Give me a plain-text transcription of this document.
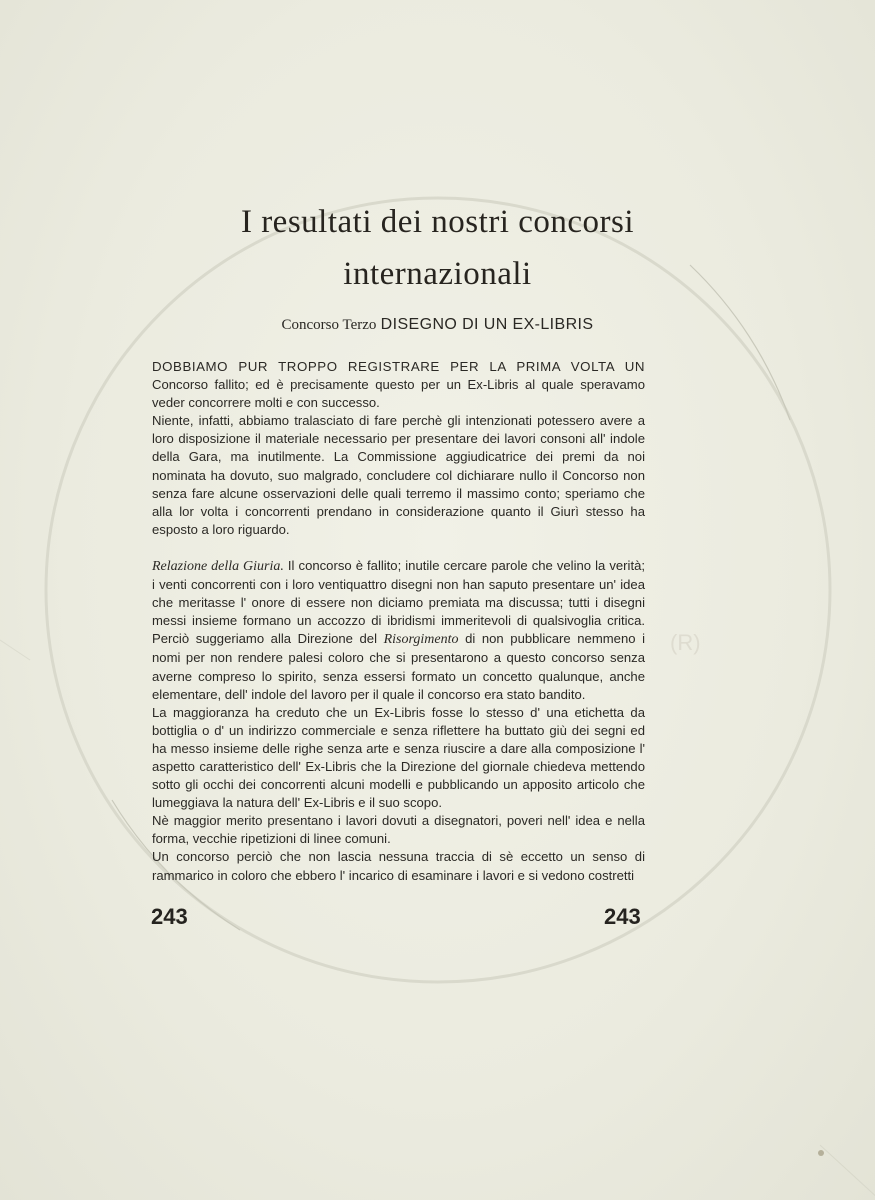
(R)
I resultati dei nostri concorsi
internazionali
Concorso Terzo DISEGNO DI UN EX-LIBRIS

DOBBIAMO PUR TROPPO REGISTRARE PER LA PRIMA VOLTA UN Concorso fallito; ed è precisamente questo per un Ex-Libris al quale speravamo veder concorrere molti e con successo.

Niente, infatti, abbiamo tralasciato di fare perchè gli intenzionati potessero avere a loro disposizione il materiale necessario per presentare dei lavori consoni all' indole della Gara, ma inutilmente. La Commissione aggiudicatrice dei premi da noi nominata ha dovuto, suo malgrado, concludere col dichiarare nullo il Concorso non senza fare alcune osservazioni delle quali terremo il massimo conto; speriamo che alla lor volta i concorrenti prendano in considerazione quanto il Giurì stesso ha esposto a loro riguardo.

Relazione della Giuria. Il concorso è fallito; inutile cercare parole che velino la verità; i venti concorrenti con i loro ventiquattro disegni non han saputo presentare un' idea che meritasse l' onore di essere non diciamo premiata ma discussa; tutti i disegni messi insieme formano un accozzo di ibridismi immeritevoli di qualsivoglia critica. Perciò suggeriamo alla Direzione del Risorgimento di non pubblicare nemmeno i nomi per non rendere palesi coloro che si presentarono a questo concorso senza averne compreso lo spirito, senza essersi formato un concetto qualunque, anche elementare, dell' indole del lavoro per il quale il concorso era stato bandito.

La maggioranza ha creduto che un Ex-Libris fosse lo stesso d' una etichetta da bottiglia o d' un indirizzo commerciale e senza riflettere ha buttato giù dei segni ed ha messo insieme delle righe senza arte e senza riuscire a dare alla composizione l' aspetto caratteristico dell' Ex-Libris che la Direzione del giornale chiedeva mettendo sotto gli occhi dei concorrenti alcuni modelli e pubblicando un apposito articolo che lumeggiava la natura dell' Ex-Libris e il suo scopo.

Nè maggior merito presentano i lavori dovuti a disegnatori, poveri nell' idea e nella forma, vecchie ripetizioni di linee comuni.

Un concorso perciò che non lascia nessuna traccia di sè eccetto un senso di rammarico in coloro che ebbero l' incarico di esaminare i lavori e si vedono costretti

243	243
